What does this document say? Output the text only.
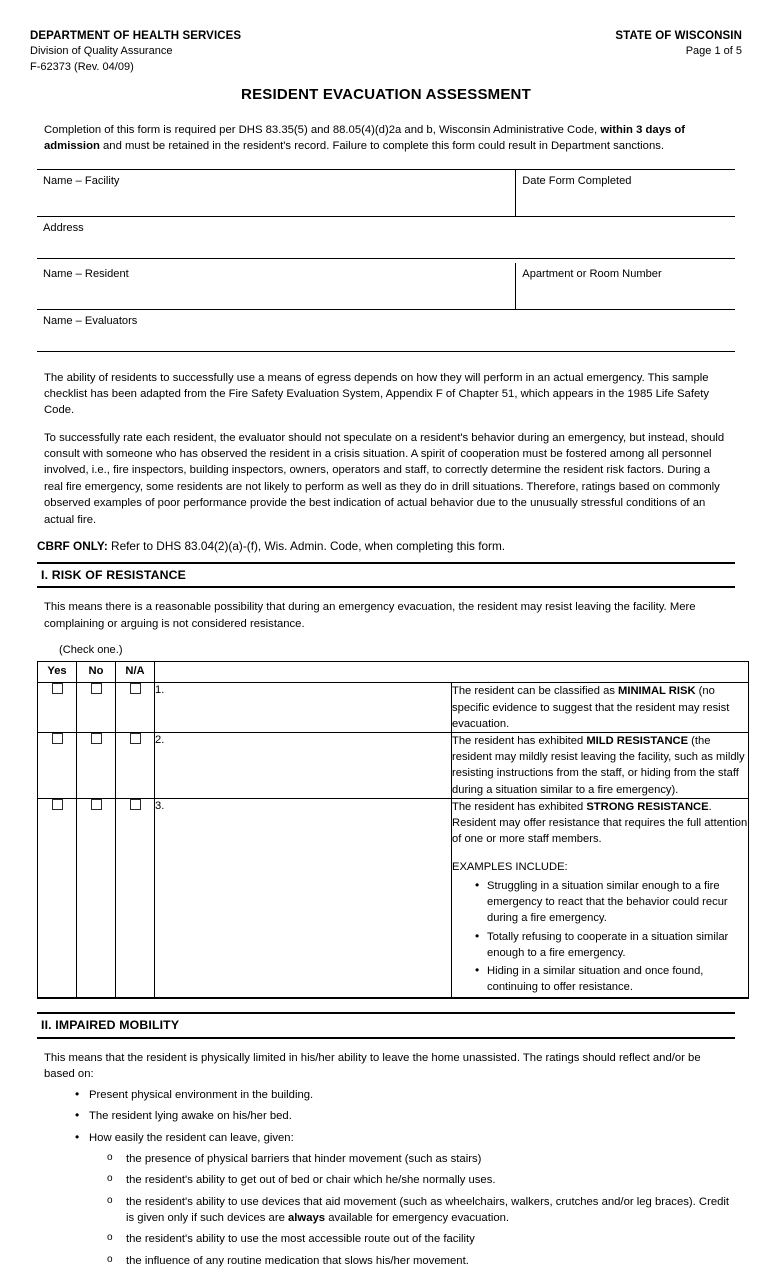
DEPARTMENT OF HEALTH SERVICES
Division of Quality Assurance
F-62373 (Rev. 04/09)
STATE OF WISCONSIN
Page 1 of 5
RESIDENT EVACUATION ASSESSMENT
Completion of this form is required per DHS 83.35(5) and 88.05(4)(d)2a and b, Wisconsin Administrative Code, within 3 days of admission and must be retained in the resident's record. Failure to complete this form could result in Department sanctions.
Name – Facility	Date Form Completed
Address
Name – Resident	Apartment or Room Number
Name – Evaluators

The ability of residents to successfully use a means of egress depends on how they will perform in an actual emergency. This sample checklist has been adapted from the Fire Safety Evaluation System, Appendix F of Chapter 51, which appears in the 1985 Life Safety Code.

To successfully rate each resident, the evaluator should not speculate on a resident's behavior during an emergency, but instead, should consult with someone who has observed the resident in a crisis situation. A spirit of cooperation must be fostered among all personnel involved, i.e., fire inspectors, building inspectors, owners, operators and staff, to correctly determine the resident risk factors. During a real fire emergency, some residents are not likely to perform as well as they do in drill situations. Therefore, ratings based on commonly observed examples of poor performance provide the best indication of actual behavior due to the unusually stressful conditions of an actual fire.

CBRF ONLY: Refer to DHS 83.04(2)(a)-(f), Wis. Admin. Code, when completing this form.
I. RISK OF RESISTANCE

This means there is a reasonable possibility that during an emergency evacuation, the resident may resist leaving the facility. Mere complaining or arguing is not considered resistance.

(Check one.)
Yes	No	N/A		
			1.	The resident can be classified as MINIMAL RISK (no specific evidence to suggest that the resident may resist evacuation.
			2.	The resident has exhibited MILD RESISTANCE (the resident may mildly resist leaving the facility, such as mildly resisting instructions from the staff, or hiding from the staff during a situation similar to a fire emergency).
			3.	The resident has exhibited STRONG RESISTANCE. Resident may offer resistance that requires the full attention of one or more staff members.
EXAMPLES INCLUDE:
• Struggling in a situation similar enough to a fire emergency to react that the behavior could recur during a fire emergency.
• Totally refusing to cooperate in a situation similar enough to a fire emergency.
• Hiding in a similar situation and once found, continuing to offer resistance.
II. IMPAIRED MOBILITY

This means that the resident is physically limited in his/her ability to leave the home unassisted. The ratings should reflect and/or be based on:

• Present physical environment in the building.
• The resident lying awake on his/her bed.
• How easily the resident can leave, given:
o the presence of physical barriers that hinder movement (such as stairs)
o the resident's ability to get out of bed or chair which he/she normally uses.
o the resident's ability to use devices that aid movement (such as wheelchairs, walkers, crutches and/or leg braces). Credit is given only if such devices are always available for emergency evacuation.
o the resident's ability to use the most accessible route out of the facility
o the influence of any routine medication that slows his/her movement.
